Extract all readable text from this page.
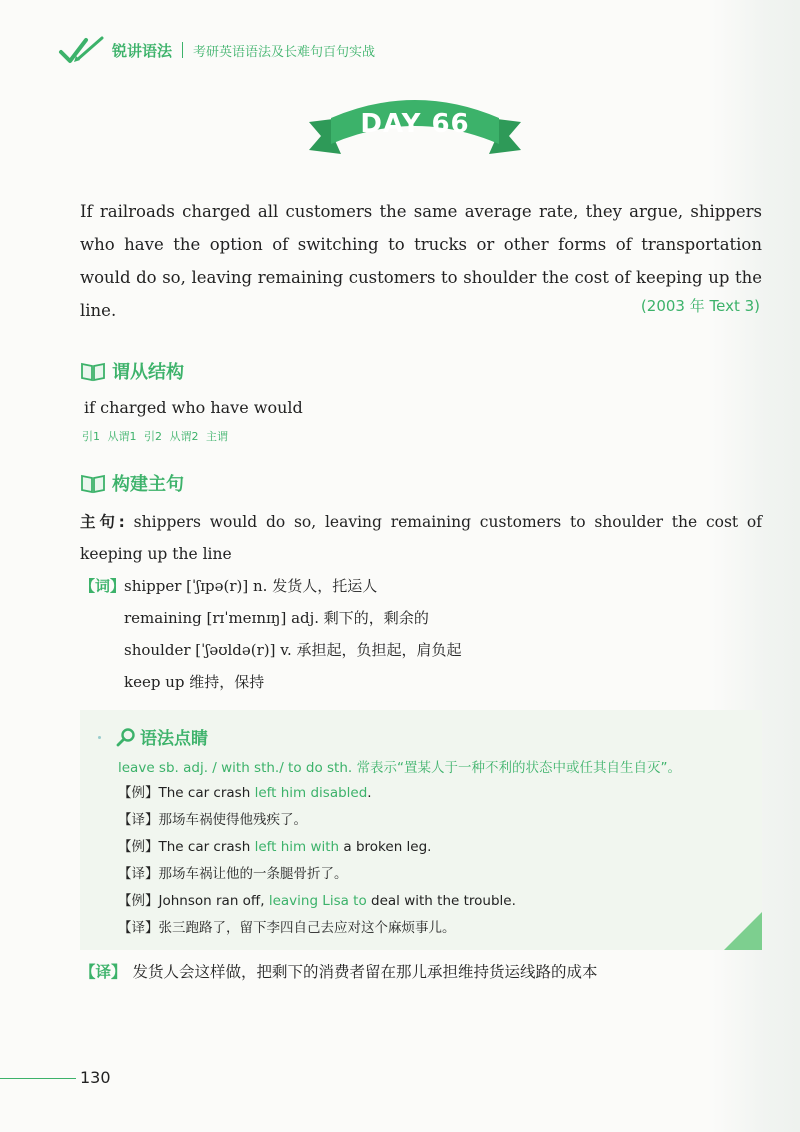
锐讲语法 考研英语语法及长难句百句实战
DAY 66
If railroads charged all customers the same average rate, they argue, shippers who have the option of switching to trucks or other forms of transportation would do so, leaving remaining customers to shoulder the cost of keeping up the line.	(2003 年 Text 3)
谓从结构
if charged who have would
引1 从谓1 引2 从谓2 主谓
构建主句
主句: shippers would do so, leaving remaining customers to shoulder the cost of keeping up the line
【词】shipper [ˈʃɪpə(r)] n. 发货人，托运人
remaining [rɪˈmeɪnɪŋ] adj. 剩下的，剩余的
shoulder [ˈʃəʊldə(r)] v. 承担起，负担起，肩负起
keep up 维持，保持
语法点睛
leave sb. adj. / with sth./ to do sth. 常表示“置某人于一种不利的状态中或任其自生自灭”。
【例】The car crash left him disabled.
【译】那场车祸使得他残疾了。
【例】The car crash left him with a broken leg.
【译】那场车祸让他的一条腿骨折了。
【例】Johnson ran off, leaving Lisa to deal with the trouble.
【译】张三跑路了，留下李四自己去应对这个麻烦事儿。
【译】 发货人会这样做，把剩下的消费者留在那儿承担维持货运线路的成本
130
